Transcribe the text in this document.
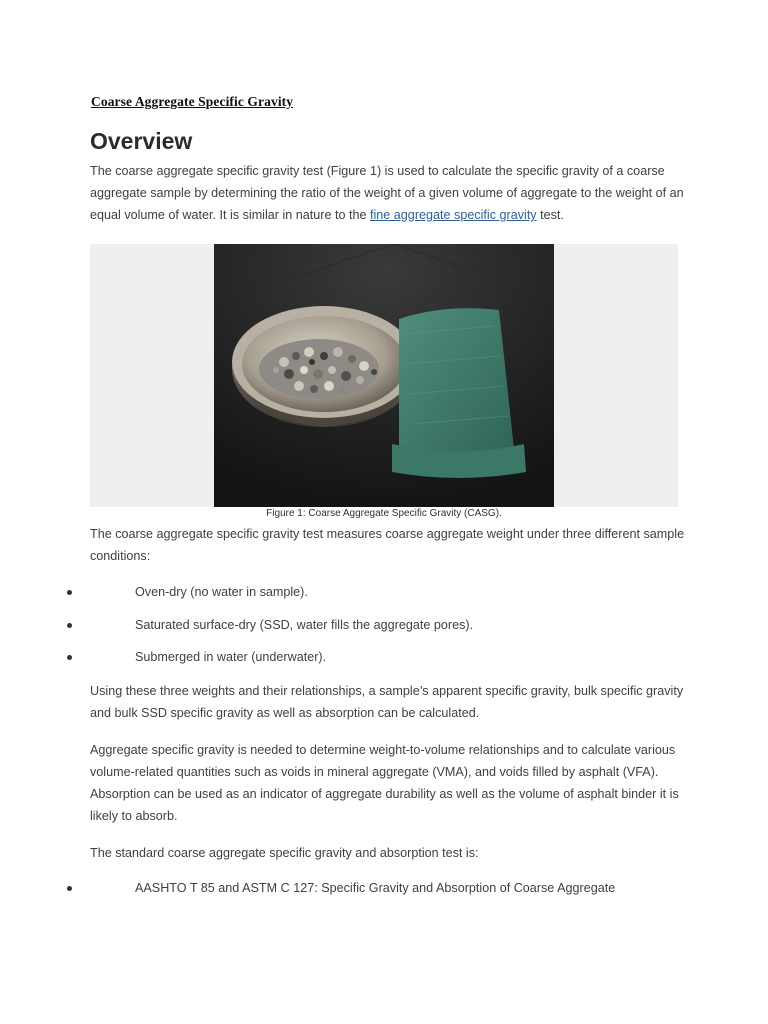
Coarse Aggregate Specific Gravity
Overview

The coarse aggregate specific gravity test (Figure 1) is used to calculate the specific gravity of a coarse aggregate sample by determining the ratio of the weight of a given volume of aggregate to the weight of an equal volume of water. It is similar in nature to the fine aggregate specific gravity test.

Figure 1: Coarse Aggregate Specific Gravity (CASG).

The coarse aggregate specific gravity test measures coarse aggregate weight under three different sample conditions:

Oven-dry (no water in sample).
Saturated surface-dry (SSD, water fills the aggregate pores).
Submerged in water (underwater).

Using these three weights and their relationships, a sample’s apparent specific gravity, bulk specific gravity and bulk SSD specific gravity as well as absorption can be calculated.

Aggregate specific gravity is needed to determine weight-to-volume relationships and to calculate various volume-related quantities such as voids in mineral aggregate (VMA), and voids filled by asphalt (VFA). Absorption can be used as an indicator of aggregate durability as well as the volume of asphalt binder it is likely to absorb.

The standard coarse aggregate specific gravity and absorption test is:

AASHTO T 85 and ASTM C 127: Specific Gravity and Absorption of Coarse Aggregate
